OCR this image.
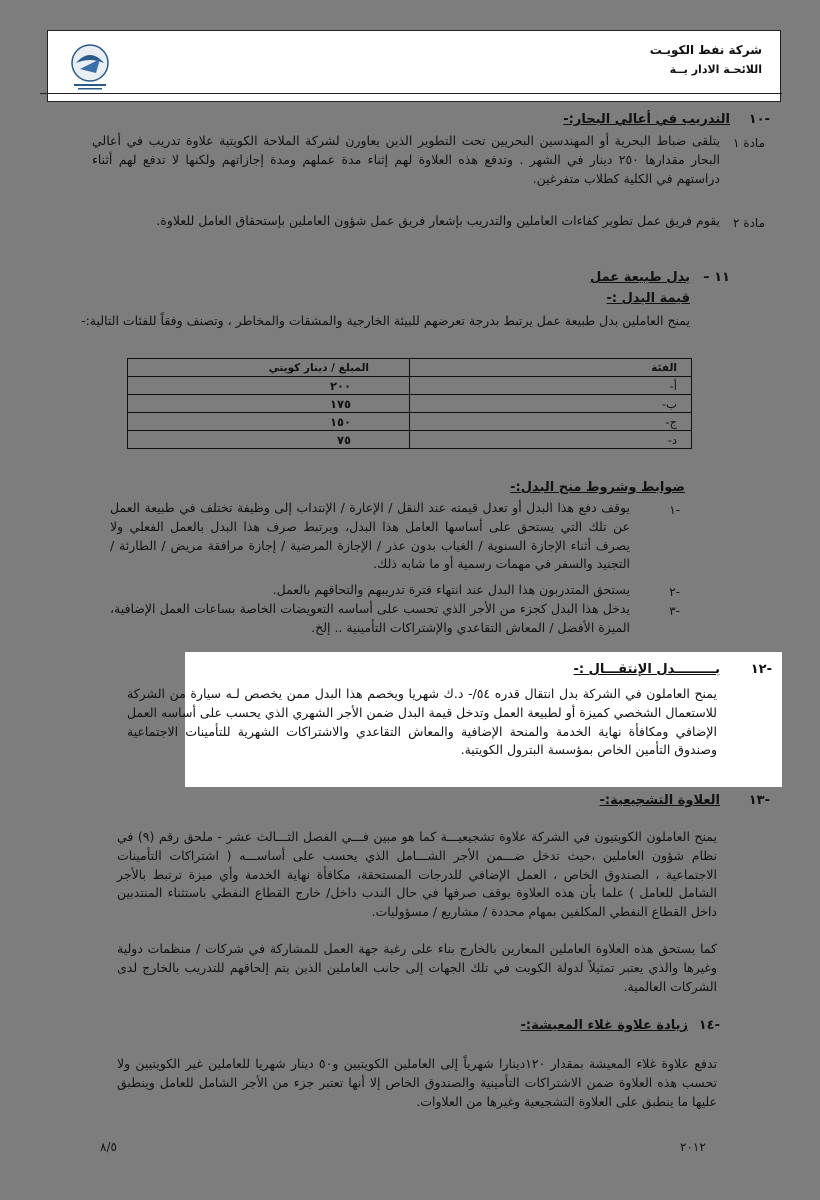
شركة نفط الكويـت
اللائحـة الادار يــة
-١٠
التدريب في أعالي البحار:-
مادة ١
يتلقى ضباط البحرية أو المهندسين البحريين تحت التطوير الذين يعاورن لشركة الملاحة الكويتية علاوة تدريب في أعالي البحار مقدارها ٢٥٠ دينار في الشهر . وتدفع هذه العلاوة لهم إثناء مدة عملهم ومدة إجازاتهم ولكنها لا تدفع لهم أثناء دراستهم في الكلية كطلاب متفرغين.
مادة ٢
يقوم فريق عمل تطوير كفاءات العاملين والتدريب بإشعار فريق عمل شؤون العاملين بإستحقاق العامل للعلاوة.
١١ –
بدل طبيعة عمل
قيمة البدل :-
يمنح العاملين بدل طبيعة عمل يرتبط بدرجة تعرضهم للبيئة الخارجية والمشقات والمخاطر ، وتصنف وفقاً للفئات التالية:-
الفئة	المبلغ / دينار كويتي
أ-	٢٠٠
ب-	١٧٥
ج-	١٥٠
د-	٧٥
ضوابط وشروط منح البدل:-
-١
يوقف دفع هذا البدل أو تعدل قيمته عند النقل / الإعارة / الإنتداب إلى وظيفة تختلف في طبيعة العمل عن تلك التي يستحق على أساسها العامل هذا البدل، ويرتبط صرف هذا البدل بالعمل الفعلي ولا يصرف أثناء الإجازة السنوية / الغياب بدون عذر / الإجازة المرضية / إجازة مرافقة مريض / الطارئة / التجنيد والسفر في مهمات رسمية أو ما شابه ذلك.
-٢
يستحق المتدربون هذا البدل عند انتهاء فترة تدريبهم والتحاقهم بالعمل.
-٣
يدخل هذا البدل كجزء من الأجر الذي تحسب على أساسه التعويضات الخاصة بساعات العمل الإضافية، الميزة الأفضل / المعاش التقاعدي والإشتراكات التأمينية .. إلخ.
-١٢
بـــــــــدل الإنتقـــال :-
يمنح العاملون في الشركة بدل انتقال قدره ٥٤/- د.ك شهريا ويخصم هذا البدل ممن يخصص لـه سيارة من الشركة للاستعمال الشخصي كميزة أو لطبيعة العمل وتدخل قيمة البدل ضمن الأجر الشهري الذي يحسب على أساسه العمل الإضافي ومكافأة نهاية الخدمة والمنحة الإضافية والمعاش التقاعدي والاشتراكات الشهرية للتأمينات الاجتماعية وصندوق التأمين الخاص بمؤسسة البترول الكويتية.
-١٣
العلاوة التشجيعية:-
يمنح العاملون الكويتيون في الشركة علاوة تشجيعيـــة كما هو مبين فـــي الفصل الثـــالث عشر - ملحق رقم (٩) في نظام شؤون العاملين ،حيث تدخل ضـــمن الأجر الشـــامل الذي يحسب على أساســـه ( اشتراكات التأمينات الاجتماعية ، الصندوق الخاص ، العمل الإضافي للدرجات المستحقة، مكافأة نهاية الخدمة وأي ميزة ترتبط بالأجر الشامل للعامل ) علما بأن هذه العلاوة يوقف صرفها في حال الندب داخل/ خارج القطاع النفطي باستثناء المنتدبين داخل القطاع النفطي المكلفين بمهام محددة / مشاريع / مسؤوليات.
كما يستحق هذه العلاوة العاملين المعارين بالخارج بناء على رغبة جهة العمل للمشاركة في شركات / منظمات دولية وغيرها والذي يعتبر تمثيلاً لدولة الكويت في تلك الجهات إلى جانب العاملين الذين يتم إلحاقهم للتدريب بالخارج لدى الشركات العالمية.
-١٤
زيادة علاوة غلاء المعيشة:-
تدفع علاوة غلاء المعيشة بمقدار ١٢٠دينارا شهرياً إلى العاملين الكويتيين و٥٠ دينار شهريا للعاملين غير الكويتيين ولا تحسب هذه العلاوة ضمن الاشتراكات التأمينية والصندوق الخاص إلا أنها تعتبر جزء من الأجر الشامل للعامل وينطبق عليها ما ينطبق على العلاوة التشجيعية وغيرها من العلاوات.
٢٠١٢
٨/٥
